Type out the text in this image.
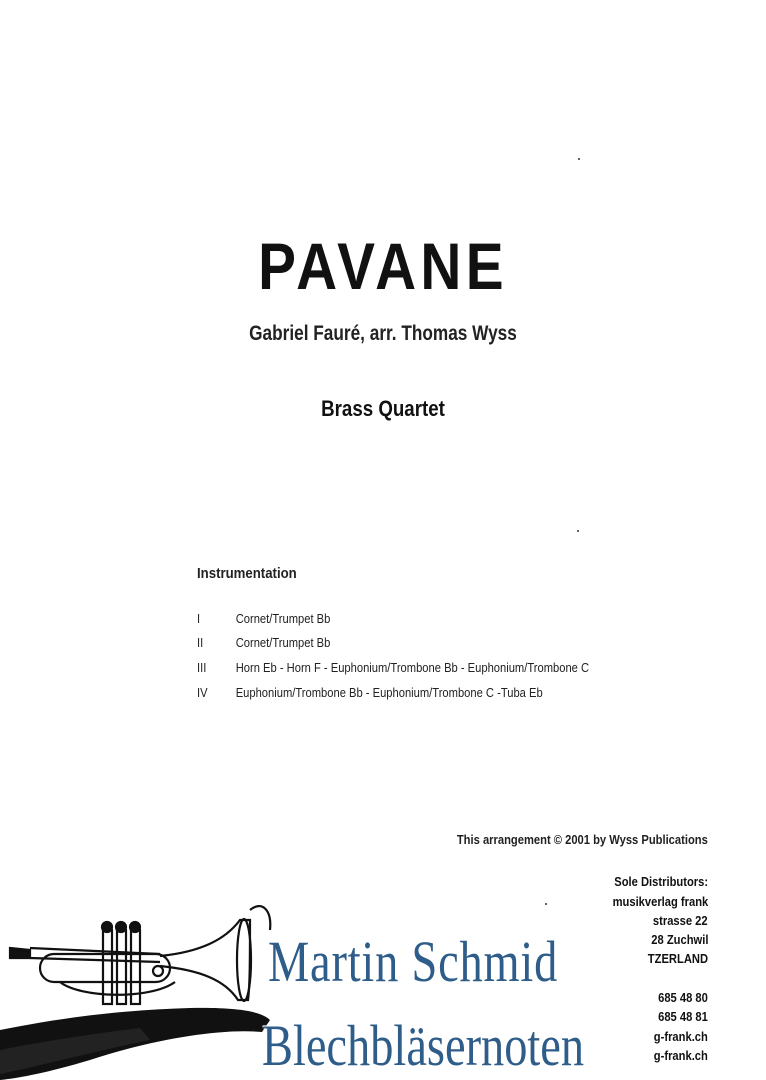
PAVANE
Gabriel Fauré, arr. Thomas Wyss
Brass Quartet
Instrumentation
I	Cornet/Trumpet Bb
II Cornet/Trumpet Bb
III Horn Eb - Horn F - Euphonium/Trombone Bb - Euphonium/Trombone C
IV Euphonium/Trombone Bb - Euphonium/Trombone C -Tuba Eb
This arrangement © 2001 by Wyss Publications
Sole Distributors:
musikverlag frank
strasse 22
28 Zuchwil
TZERLAND
685 48 80
685 48 81
g-frank.ch
g-frank.ch
Martin Schmid
Blechbläsernoten
